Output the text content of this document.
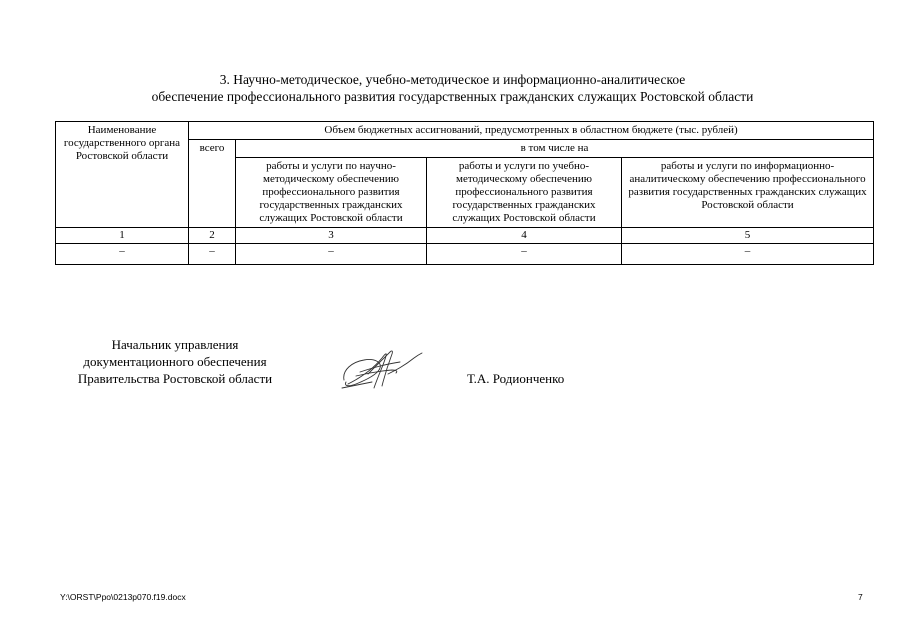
3. Научно-методическое, учебно-методическое и информационно-аналитическое
обеспечение профессионального развития государственных гражданских служащих Ростовской области
Наименование государственного органа Ростовской области	Объем бюджетных ассигнований, предусмотренных в областном бюджете (тыс. рублей)			
	всего	в том числе на		
		работы и услуги по научно-методическому обеспечению профессионального развития государственных гражданских служащих Ростовской области	работы и услуги по учебно-методическому обеспечению профессионального развития государственных гражданских служащих Ростовской области	работы и услуги по информационно-аналитическому обеспечению профессионального развития государственных гражданских служащих Ростовской области
1	2	3	4	5
–	–	–	–	–
Начальник управления
документационного обеспечения
Правительства Ростовской области	Т.А. Родионченко
Y:\ORST\Ppo\0213p070.f19.docx	7
